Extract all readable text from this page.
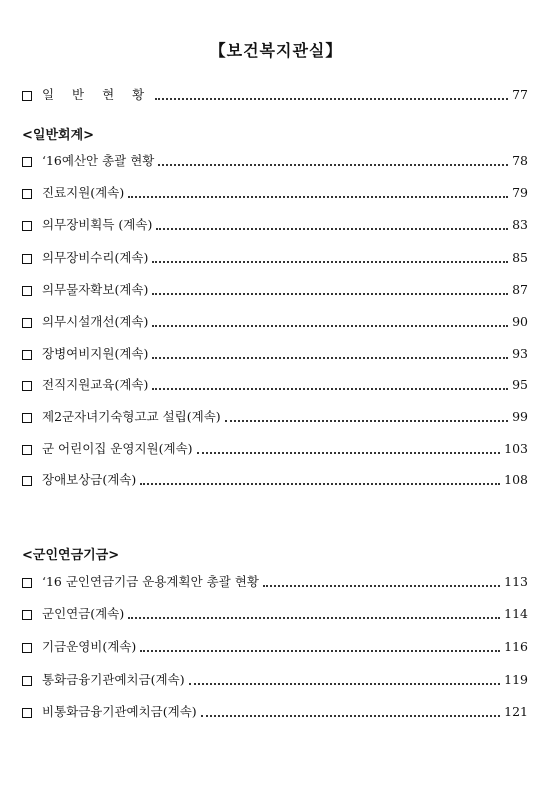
【보건복지관실】
일 반 현 황	77
<일반회계>
‘16예산안 총괄 현황	78
진료지원(계속)	79
의무장비획득 (계속)	83
의무장비수리(계속)	85
의무물자확보(계속)	87
의무시설개선(계속)	90
장병여비지원(계속)	93
전직지원교육(계속)	95
제2군자녀기숙형고교 설립(계속)	99
군 어린이집 운영지원(계속)	103
장애보상금(계속)	108
<군인연금기금>
‘16 군인연금기금 운용계획안 총괄 현황	113
군인연금(계속)	114
기금운영비(계속)	116
통화금융기관예치금(계속)	119
비통화금융기관예치금(계속)	121
